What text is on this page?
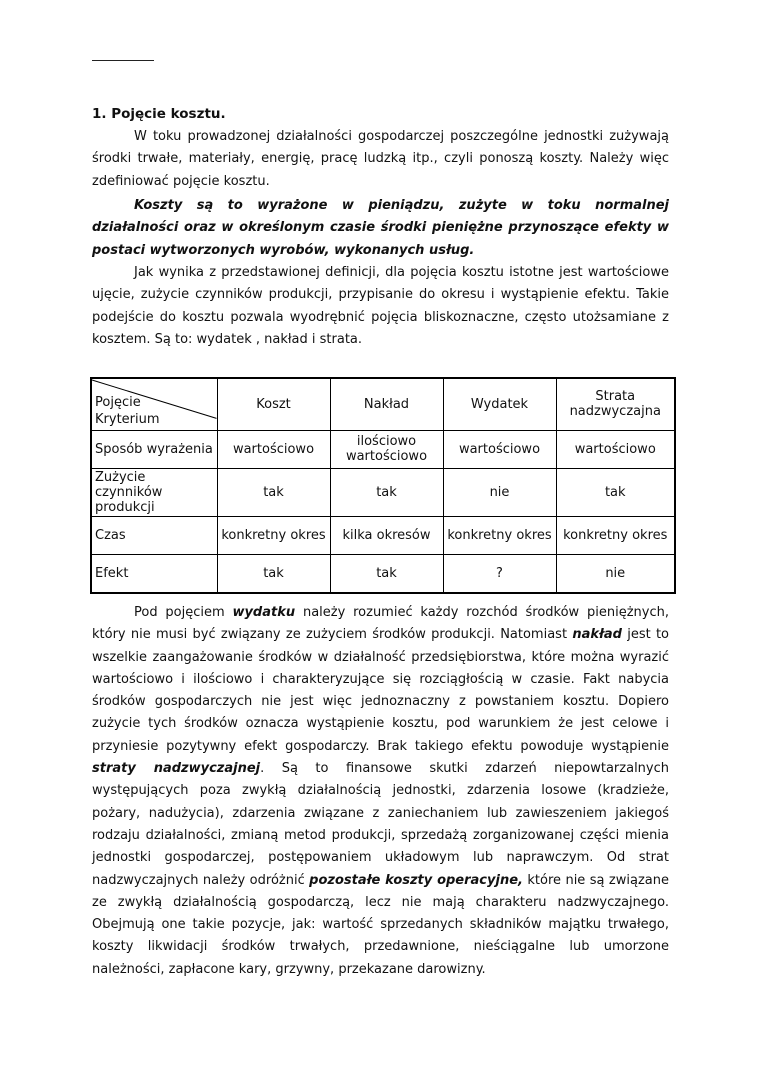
1. Pojęcie kosztu.

W toku prowadzonej działalności gospodarczej poszczególne jednostki zużywają środki trwałe, materiały, energię, pracę ludzką itp., czyli ponoszą koszty. Należy więc zdefiniować pojęcie kosztu.

Koszty są to wyrażone w pieniądzu, zużyte w toku normalnej działalności oraz w określonym czasie środki pieniężne przynoszące efekty w postaci wytworzonych wyrobów, wykonanych usług.

Jak wynika z przedstawionej definicji, dla pojęcia kosztu istotne jest wartościowe ujęcie, zużycie czynników produkcji, przypisanie do okresu i wystąpienie efektu. Takie podejście do kosztu pozwala wyodrębnić pojęcia bliskoznaczne, często utożsamiane z kosztem. Są to: wydatek , nakład i strata.

Pojęcie
Kryterium	Koszt	Nakład	Wydatek	Strata nadzwyczajna
Sposób wyrażenia	wartościowo	ilościowo wartościowo	wartościowo	wartościowo
Zużycie czynników produkcji	tak	tak	nie	tak
Czas	konkretny okres	kilka okresów	konkretny okres	konkretny okres
Efekt	tak	tak	?	nie

Pod pojęciem wydatku należy rozumieć każdy rozchód środków pieniężnych, który nie musi być związany ze zużyciem środków produkcji. Natomiast nakład jest to wszelkie zaangażowanie środków w działalność przedsiębiorstwa, które można wyrazić wartościowo i ilościowo i charakteryzujące się rozciągłością w czasie. Fakt nabycia środków gospodarczych nie jest więc jednoznaczny z powstaniem kosztu. Dopiero zużycie tych środków oznacza wystąpienie kosztu, pod warunkiem że jest celowe i przyniesie pozytywny efekt gospodarczy. Brak takiego efektu powoduje wystąpienie straty nadzwyczajnej. Są to finansowe skutki zdarzeń niepowtarzalnych występujących poza zwykłą działalnością jednostki, zdarzenia losowe (kradzieże, pożary, nadużycia), zdarzenia związane z zaniechaniem lub zawieszeniem jakiegoś rodzaju działalności, zmianą metod produkcji, sprzedażą zorganizowanej części mienia jednostki gospodarczej, postępowaniem układowym lub naprawczym. Od strat nadzwyczajnych należy odróżnić pozostałe koszty operacyjne, które nie są związane ze zwykłą działalnością gospodarczą, lecz nie mają charakteru nadzwyczajnego. Obejmują one takie pozycje, jak: wartość sprzedanych składników majątku trwałego, koszty likwidacji środków trwałych, przedawnione, nieściągalne lub umorzone należności, zapłacone kary, grzywny, przekazane darowizny.
